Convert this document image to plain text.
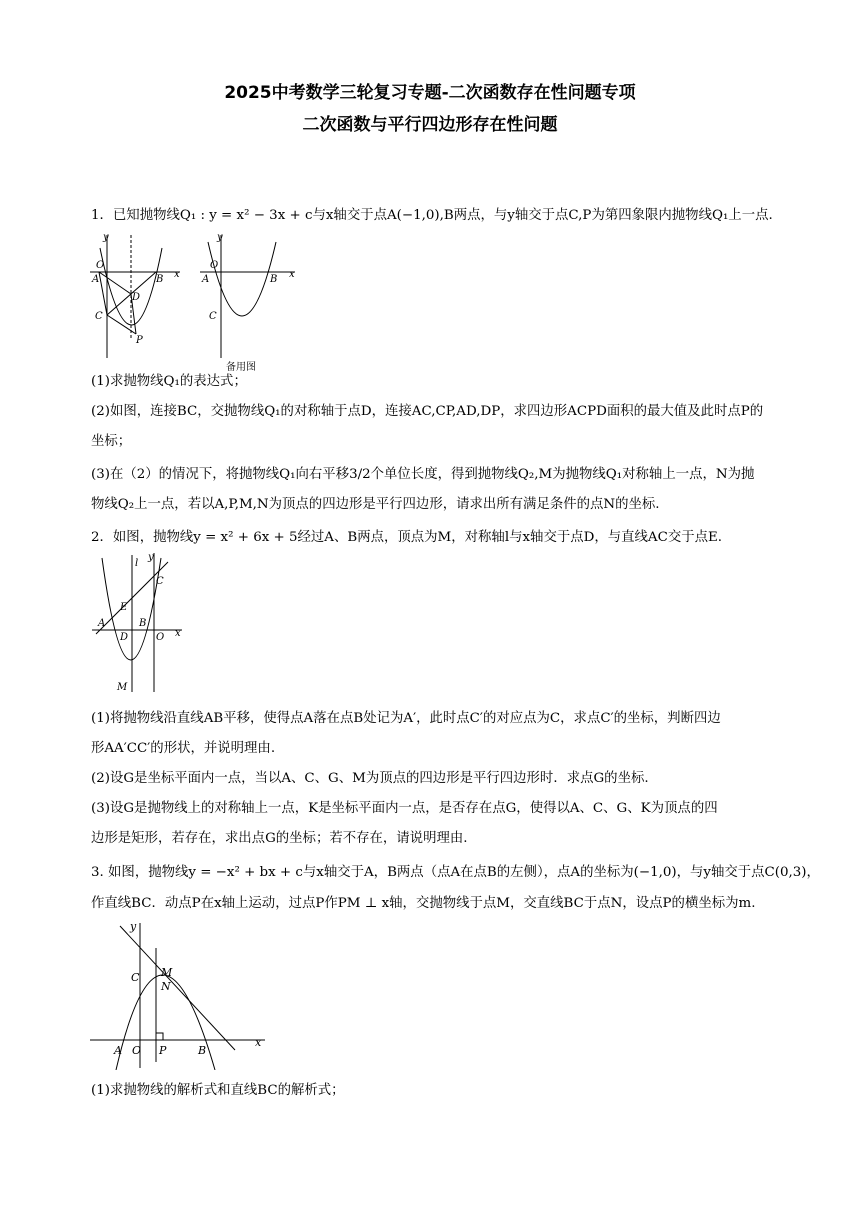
2025中考数学三轮复习专题-二次函数存在性问题专项
二次函数与平行四边形存在性问题
1．已知抛物线Q₁ : y = x² − 3x + c与x轴交于点A(−1,0),B两点，与y轴交于点C,P为第四象限内抛物线Q₁上一点.
y
x
O
A	B
C
D
P
y
x
O
A	B
C
备用图
(1)求抛物线Q₁的表达式；
(2)如图，连接BC，交抛物线Q₁的对称轴于点D，连接AC,CP,AD,DP，求四边形ACPD面积的最大值及此时点P的
坐标；
(3)在（2）的情况下，将抛物线Q₁向右平移3/2个单位长度，得到抛物线Q₂,M为抛物线Q₁对称轴上一点，N为抛
物线Q₂上一点，若以A,P,M,N为顶点的四边形是平行四边形，请求出所有满足条件的点N的坐标.
2．如图，抛物线y = x² + 6x + 5经过A、B两点，顶点为M，对称轴l与x轴交于点D，与直线AC交于点E.
y
x
l
C
E
A	B
D	O
M
(1)将抛物线沿直线AB平移，使得点A落在点B处记为A′，此时点C′的对应点为C，求点C′的坐标，判断四边
形AA′CC′的形状，并说明理由.
(2)设G是坐标平面内一点，当以A、C、G、M为顶点的四边形是平行四边形时．求点G的坐标.
(3)设G是抛物线上的对称轴上一点，K是坐标平面内一点，是否存在点G，使得以A、C、G、K为顶点的四
边形是矩形，若存在，求出点G的坐标；若不存在，请说明理由.
3. 如图，抛物线y = −x² + bx + c与x轴交于A，B两点（点A在点B的左侧），点A的坐标为(−1,0)，与y轴交于点C(0,3)，
作直线BC．动点P在x轴上运动，过点P作PM ⊥ x轴，交抛物线于点M，交直线BC于点N，设点P的横坐标为m.
y
x
C M
N
A O P	B
(1)求抛物线的解析式和直线BC的解析式；
